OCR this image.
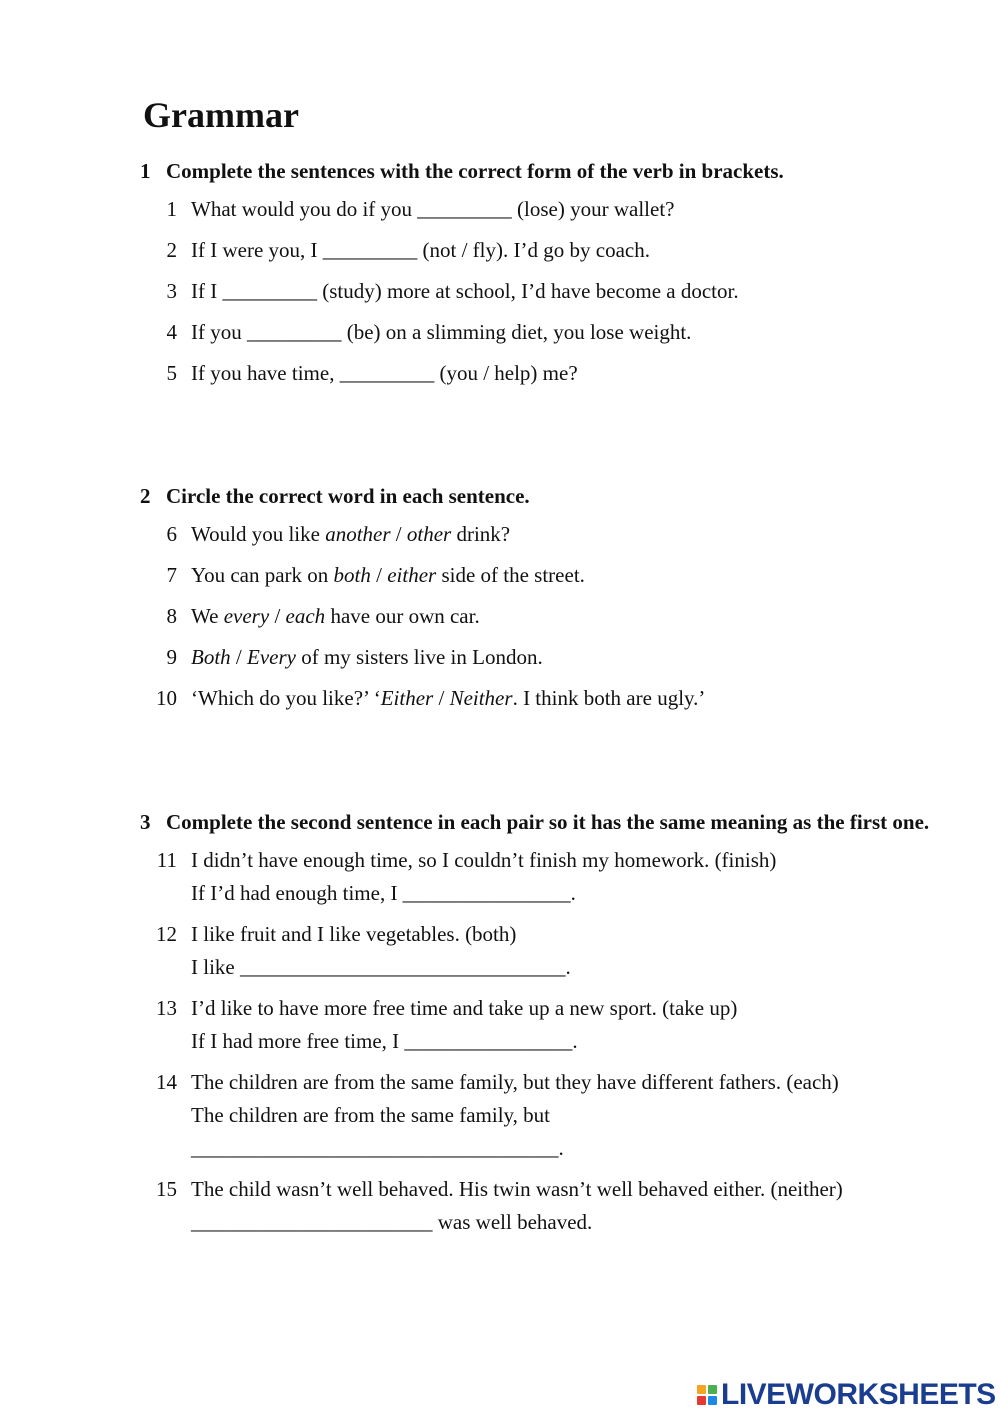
Grammar
1 Complete the sentences with the correct form of the verb in brackets.
1 What would you do if you _________ (lose) your wallet?
2 If I were you, I _________ (not / fly). I’d go by coach.
3 If I _________ (study) more at school, I’d have become a doctor.
4 If you _________ (be) on a slimming diet, you lose weight.
5 If you have time, _________ (you / help) me?
2 Circle the correct word in each sentence.
6 Would you like another / other drink?
7 You can park on both / either side of the street.
8 We every / each have our own car.
9 Both / Every of my sisters live in London.
10 ‘Which do you like?’ ‘Either / Neither. I think both are ugly.’
3 Complete the second sentence in each pair so it has the same meaning as the first one.
11 I didn’t have enough time, so I couldn’t finish my homework. (finish)
If I’d had enough time, I ________________.
12 I like fruit and I like vegetables. (both)
I like _______________________________.
13 I’d like to have more free time and take up a new sport. (take up)
If I had more free time, I ________________.
14 The children are from the same family, but they have different fathers. (each)
The children are from the same family, but
___________________________________.
15 The child wasn’t well behaved. His twin wasn’t well behaved either. (neither)
_______________________ was well behaved.
LIVEWORKSHEETS
